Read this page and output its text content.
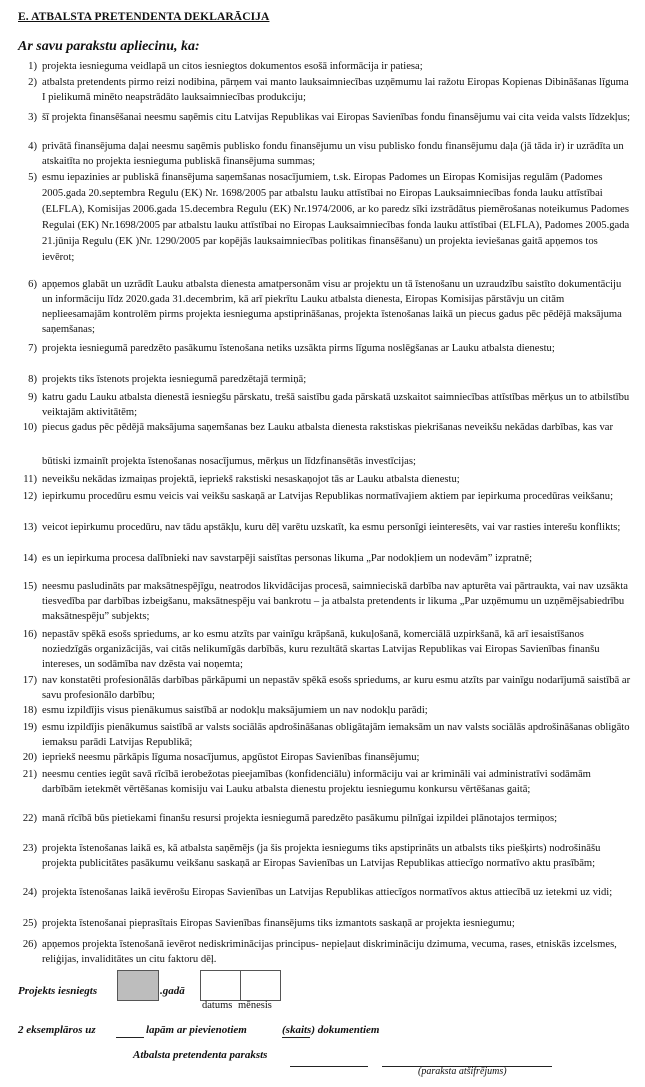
E. ATBALSTA PRETENDENTA DEKLARĀCIJA
Ar savu parakstu apliecinu, ka:
1) projekta iesnieguma veidlapā un citos iesniegtos dokumentos esošā informācija ir patiesa;
2) atbalsta pretendents pirmo reizi nodibina, pārņem vai manto lauksaimniecības uzņēmumu lai ražotu Eiropas Kopienas Dibināšanas līguma I pielikumā minēto neapstrādāto lauksaimniecības produkciju;
3) šī projekta finansēšanai neesmu saņēmis citu Latvijas Republikas vai Eiropas Savienības fondu finansējumu vai cita veida valsts līdzekļus;
4) privātā finansējuma daļai neesmu saņēmis publisko fondu finansējumu un visu publisko fondu finansējumu daļa (jā tāda ir) ir uzrādīta un atskaitīta no projekta iesnieguma publiskā finansējuma summas;
5) esmu iepazinies ar publiskā finansējuma saņemšanas nosacījumiem, t.sk. Eiropas Padomes un Eiropas Komisijas regulām (Padomes 2005.gada 20.septembra Regulu (EK) Nr. 1698/2005 par atbalstu lauku attīstībai no Eiropas Lauksaimniecības fonda lauku attīstībai (ELFLA), Komisijas 2006.gada 15.decembra Regulu (EK) Nr.1974/2006, ar ko paredz sīki izstrādātus piemērošanas noteikumus Padomes Regulai (EK) Nr.1698/2005 par atbalstu lauku attīstībai no Eiropas Lauksaimniecības fonda lauku attīstībai (ELFLA), Padomes 2005.gada 21.jūnija Regulu (EK )Nr. 1290/2005 par kopējās lauksaimniecības politikas finansēšanu) un projekta ieviešanas gaitā apņemos tos ievērot;
6) apņemos glabāt un uzrādīt Lauku atbalsta dienesta amatpersonām visu ar projektu un tā īstenošanu un uzraudzību saistīto dokumentāciju un informāciju līdz 2020.gada 31.decembrim, kā arī piekrītu Lauku atbalsta dienesta, Eiropas Komisijas pārstāvju un citām neplieesamajām kontrolēm pirms projekta iesnieguma apstiprināšanas, projekta īstenošanas laikā un piecus gadus pēc pēdējā maksājuma saņemšanas;
7) projekta iesniegumā paredzēto pasākumu īstenošana netiks uzsākta pirms līguma noslēgšanas ar Lauku atbalsta dienestu;
8) projekts tiks īstenots projekta iesniegumā paredzētajā termiņā;
9) katru gadu Lauku atbalsta dienestā iesniegšu pārskatu, trešā saistību gada pārskatā uzskaitot saimniecības attīstības mērķus un to atbilstību veiktajām aktivitātēm;
10) piecus gadus pēc pēdējā maksājuma saņemšanas bez Lauku atbalsta dienesta rakstiskas piekrišanas neveikšu nekādas darbības, kas var būtiski izmainīt projekta īstenošanas nosacījumus, mērķus un līdzfinansētās investīcijas;
11) neveikšu nekādas izmaiņas projektā, iepriekš rakstiski nesaskaņojot tās ar Lauku atbalsta dienestu;
12) iepirkumu procedūru esmu veicis vai veikšu saskaņā ar Latvijas Republikas normatīvajiem aktiem par iepirkuma procedūras veikšanu;
13) veicot iepirkumu procedūru, nav tādu apstākļu, kuru dēļ varētu uzskatīt, ka esmu personīgi ieinteresēts, vai var rasties interešu konflikts;
14) es un iepirkuma procesa dalībnieki nav savstarpēji saistītas personas likuma „Par nodokļiem un nodevām” izpratnē;
15) neesmu pasludināts par maksātnespējīgu, neatrodos likvidācijas procesā, saimnieciskā darbība nav apturēta vai pārtraukta, vai nav uzsākta tiesvedība par darbības izbeigšanu, maksātnespēju vai bankrotu – ja atbalsta pretendents ir likuma „Par uzņēmumu un uzņēmējsabiedrību maksātnespēju” subjekts;
16) nepastāv spēkā esošs spriedums, ar ko esmu atzīts par vainīgu krāpšanā, kukuļošanā, komerciālā uzpirkšanā, kā arī iesaistīšanos noziedzīgās organizācijās, vai citās nelikumīgās darbībās, kuru rezultātā skartas Latvijas Republikas vai Eiropas Savienības finanšu intereses, un sodāmība nav dzēsta vai noņemta;
17) nav konstatēti profesionālās darbības pārkāpumi un nepastāv spēkā esošs spriedums, ar kuru esmu atzīts par vainīgu nodarījumā saistībā ar savu profesionālo darbību;
18) esmu izpildījis visus pienākumus saistībā ar nodokļu maksājumiem un nav nodokļu parādi;
19) esmu izpildījis pienākumus saistībā ar valsts sociālās apdrošināšanas obligātajām iemaksām un nav valsts sociālās apdrošināšanas obligāto iemaksu parādi Latvijas Republikā;
20) iepriekš neesmu pārkāpis līguma nosacījumus, apgūstot Eiropas Savienības finansējumu;
21) neesmu centies iegūt savā rīcībā ierobežotas pieejamības (konfidenciālu) informāciju vai ar krimināli vai administratīvi sodāmām darbībām ietekmēt vērtēšanas komisiju vai Lauku atbalsta dienestu projektu iesniegumu konkursu vērtēšanas gaitā;
22) manā rīcībā būs pietiekami finanšu resursi projekta iesniegumā paredzēto pasākumu pilnīgai izpildei plānotajos termiņos;
23) projekta īstenošanas laikā es, kā atbalsta saņēmējs (ja šis projekta iesniegums tiks apstiprināts un atbalsts tiks piešķirts) nodrošināšu projekta publicitātes pasākumu veikšanu saskaņā ar Eiropas Savienības un Latvijas Republikas attiecīgo normatīvo aktu prasībām;
24) projekta īstenošanas laikā ievērošu Eiropas Savienības un Latvijas Republikas attiecīgos normatīvos aktus attiecībā uz ietekmi uz vidi;
25) projekta īstenošanai pieprasītais Eiropas Savienības finansējums tiks izmantots saskaņā ar projekta iesniegumu;
26) apņemos projekta īstenošanā ievērot nediskriminācijas principus- nepieļaut diskrimināciju dzimuma, vecuma, rases, etniskās izcelsmes, reliģijas, invaliditātes un citu faktoru dēļ.
Projekts iesniegts	.gadā
datums mēnesis
2 eksemplāros uz	lapām ar pievienotiem	(skaits) dokumentiem
Atbalsta pretendenta paraksts
(paraksta atšifrējums)
